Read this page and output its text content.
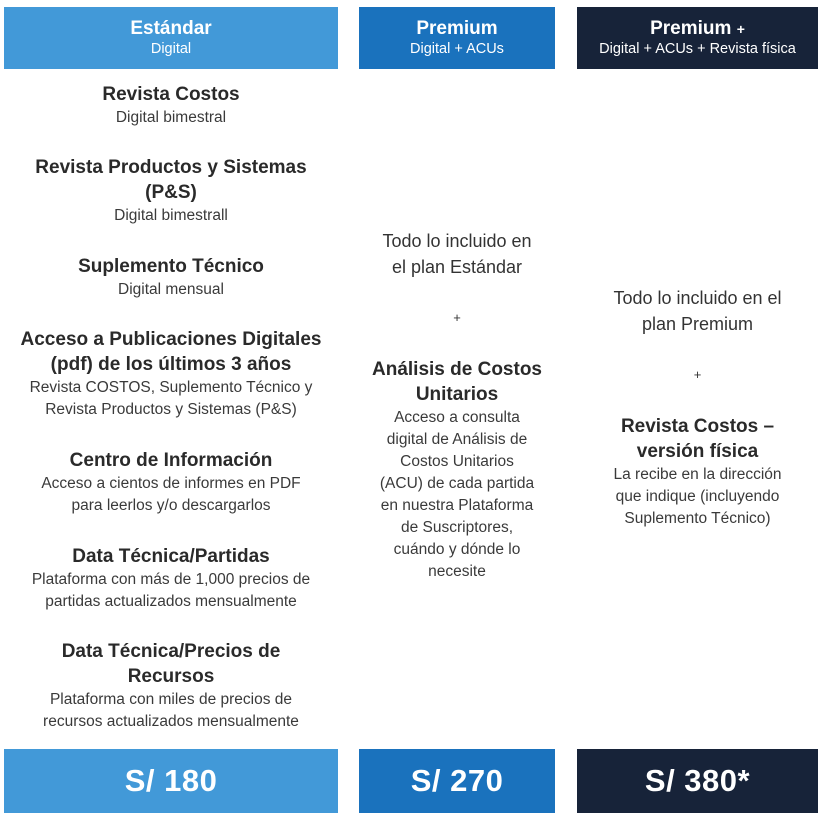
Estándar
Digital
Premium
Digital + ACUs
Premium +
Digital + ACUs + Revista física
Revista Costos
Digital bimestral
Revista Productos y Sistemas
(P&S)
Digital bimestrall
Suplemento Técnico
Digital mensual
Acceso a Publicaciones Digitales
(pdf) de los últimos 3 años
Revista COSTOS, Suplemento Técnico y
Revista Productos y Sistemas (P&S)
Centro de Información
Acceso a cientos de informes en PDF
para leerlos y/o descargarlos
Data Técnica/Partidas
Plataforma con más de 1,000 precios de
partidas actualizados mensualmente
Data Técnica/Precios de
Recursos
Plataforma con miles de precios de
recursos actualizados mensualmente
Todo lo incluido en
el plan Estándar
+
Análisis de Costos
Unitarios
Acceso a consulta
digital de Análisis de
Costos Unitarios
(ACU) de cada partida
en nuestra Plataforma
de Suscriptores,
cuándo y dónde lo
necesite
Todo lo incluido en el
plan Premium
+
Revista Costos –
versión física
La recibe en la dirección
que indique (incluyendo
Suplemento Técnico)
S/ 180	S/ 270	S/ 380*
